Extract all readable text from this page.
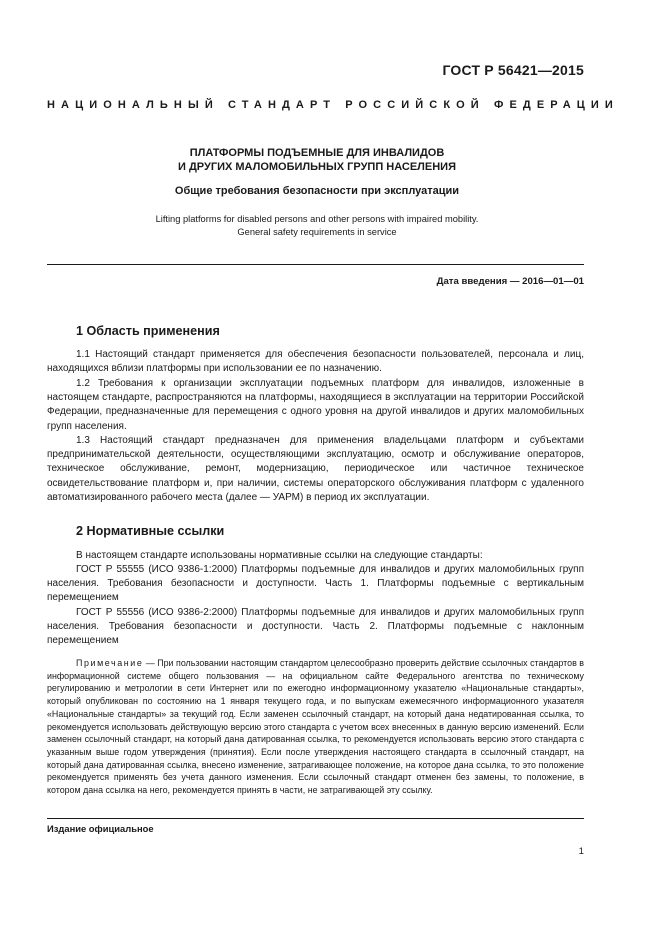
ГОСТ Р 56421—2015
НАЦИОНАЛЬНЫЙ СТАНДАРТ РОССИЙСКОЙ ФЕДЕРАЦИИ
ПЛАТФОРМЫ ПОДЪЕМНЫЕ ДЛЯ ИНВАЛИДОВ
И ДРУГИХ МАЛОМОБИЛЬНЫХ ГРУПП НАСЕЛЕНИЯ
Общие требования безопасности при эксплуатации
Lifting platforms for disabled persons and other persons with impaired mobility.
General safety requirements in service
Дата введения — 2016—01—01
1 Область применения

1.1 Настоящий стандарт применяется для обеспечения безопасности пользователей, персонала и лиц, находящихся вблизи платформы при использовании ее по назначению.

1.2 Требования к организации эксплуатации подъемных платформ для инвалидов, изложенные в настоящем стандарте, распространяются на платформы, находящиеся в эксплуатации на территории Российской Федерации, предназначенные для перемещения с одного уровня на другой инвалидов и других маломобильных групп населения.

1.3 Настоящий стандарт предназначен для применения владельцами платформ и субъектами предпринимательской деятельности, осуществляющими эксплуатацию, осмотр и обслуживание операторов, техническое обслуживание, ремонт, модернизацию, периодическое или частичное техническое освидетельствование платформ и, при наличии, системы операторского обслуживания платформ с удаленного автоматизированного рабочего места (далее — УАРМ) в период их эксплуатации.

2 Нормативные ссылки

В настоящем стандарте использованы нормативные ссылки на следующие стандарты:

ГОСТ Р 55555 (ИСО 9386-1:2000) Платформы подъемные для инвалидов и других маломобильных групп населения. Требования безопасности и доступности. Часть 1. Платформы подъемные с вертикальным перемещением

ГОСТ Р 55556 (ИСО 9386-2:2000) Платформы подъемные для инвалидов и других маломобильных групп населения. Требования безопасности и доступности. Часть 2. Платформы подъемные с наклонным перемещением

Примечание — При пользовании настоящим стандартом целесообразно проверить действие ссылочных стандартов в информационной системе общего пользования — на официальном сайте Федерального агентства по техническому регулированию и метрологии в сети Интернет или по ежегодно информационному указателю «Национальные стандарты», который опубликован по состоянию на 1 января текущего года, и по выпускам ежемесячного информационного указателя «Национальные стандарты» за текущий год. Если заменен ссылочный стандарт, на который дана недатированная ссылка, то рекомендуется использовать действующую версию этого стандарта с учетом всех внесенных в данную версию изменений. Если заменен ссылочный стандарт, на который дана датированная ссылка, то рекомендуется использовать версию этого стандарта с указанным выше годом утверждения (принятия). Если после утверждения настоящего стандарта в ссылочный стандарт, на который дана датированная ссылка, внесено изменение, затрагивающее положение, на которое дана ссылка, то это положение рекомендуется применять без учета данного изменения. Если ссылочный стандарт отменен без замены, то положение, в котором дана ссылка на него, рекомендуется принять в части, не затрагивающей эту ссылку.

Издание официальное
1
